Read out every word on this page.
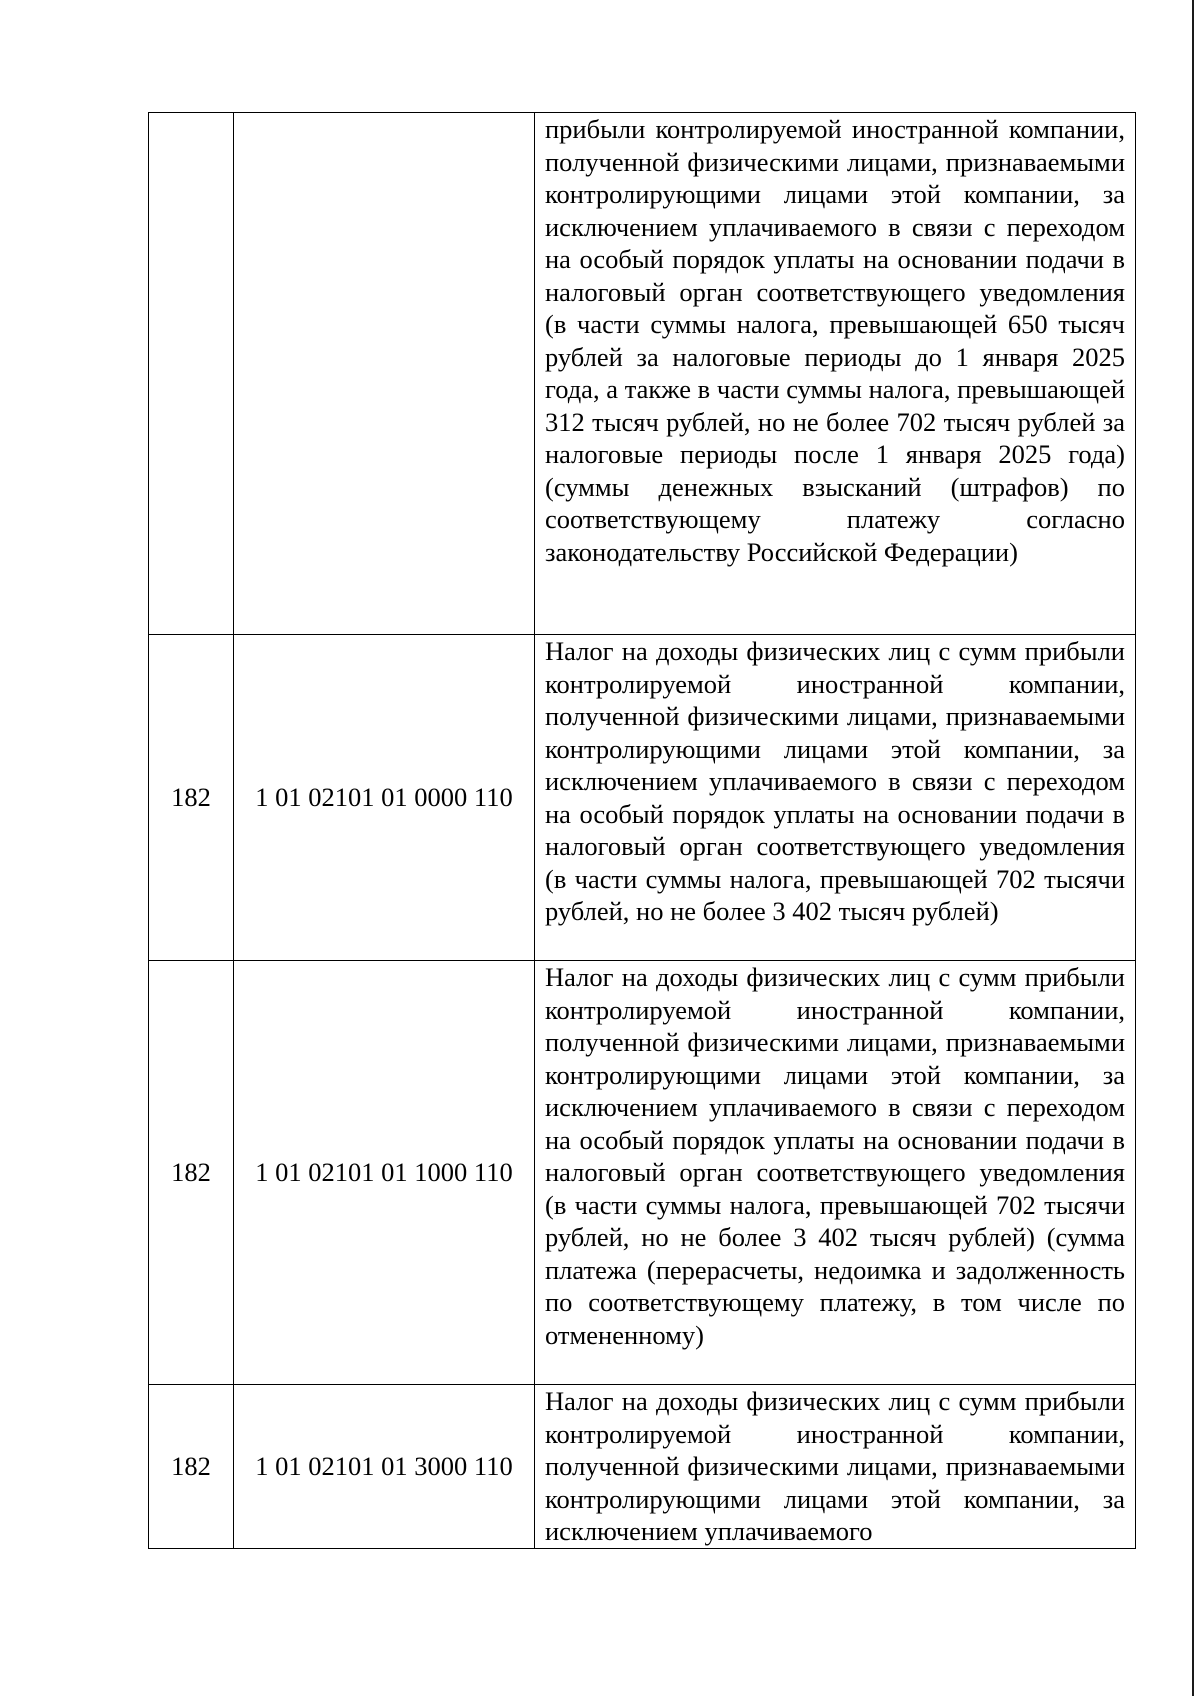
		прибыли контролируемой иностранной компании, полученной физическими лицами, признаваемыми контролирующими лицами этой компании, за исключением уплачиваемого в связи с переходом на особый порядок уплаты на основании подачи в налоговый орган соответствующего уведомления (в части суммы налога, превышающей 650 тысяч рублей за налоговые периоды до 1 января 2025 года, а также в части суммы налога, превышающей 312 тысяч рублей, но не более 702 тысяч рублей за налоговые периоды после 1 января 2025 года) (суммы денежных взысканий (штрафов) по соответствующему платежу согласно законодательству Российской Федерации)

182	1 01 02101 01 0000 110	Налог на доходы физических лиц с сумм прибыли контролируемой иностранной компании, полученной физическими лицами, признаваемыми контролирующими лицами этой компании, за исключением уплачиваемого в связи с переходом на особый порядок уплаты на основании подачи в налоговый орган соответствующего уведомления (в части суммы налога, превышающей 702 тысячи рублей, но не более 3 402 тысяч рублей)

182	1 01 02101 01 1000 110	Налог на доходы физических лиц с сумм прибыли контролируемой иностранной компании, полученной физическими лицами, признаваемыми контролирующими лицами этой компании, за исключением уплачиваемого в связи с переходом на особый порядок уплаты на основании подачи в налоговый орган соответствующего уведомления (в части суммы налога, превышающей 702 тысячи рублей, но не более 3 402 тысяч рублей) (сумма платежа (перерасчеты, недоимка и задолженность по соответствующему платежу, в том числе по отмененному)

182	1 01 02101 01 3000 110	Налог на доходы физических лиц с сумм прибыли контролируемой иностранной компании, полученной физическими лицами, признаваемыми контролирующими лицами этой компании, за исключением уплачиваемого
